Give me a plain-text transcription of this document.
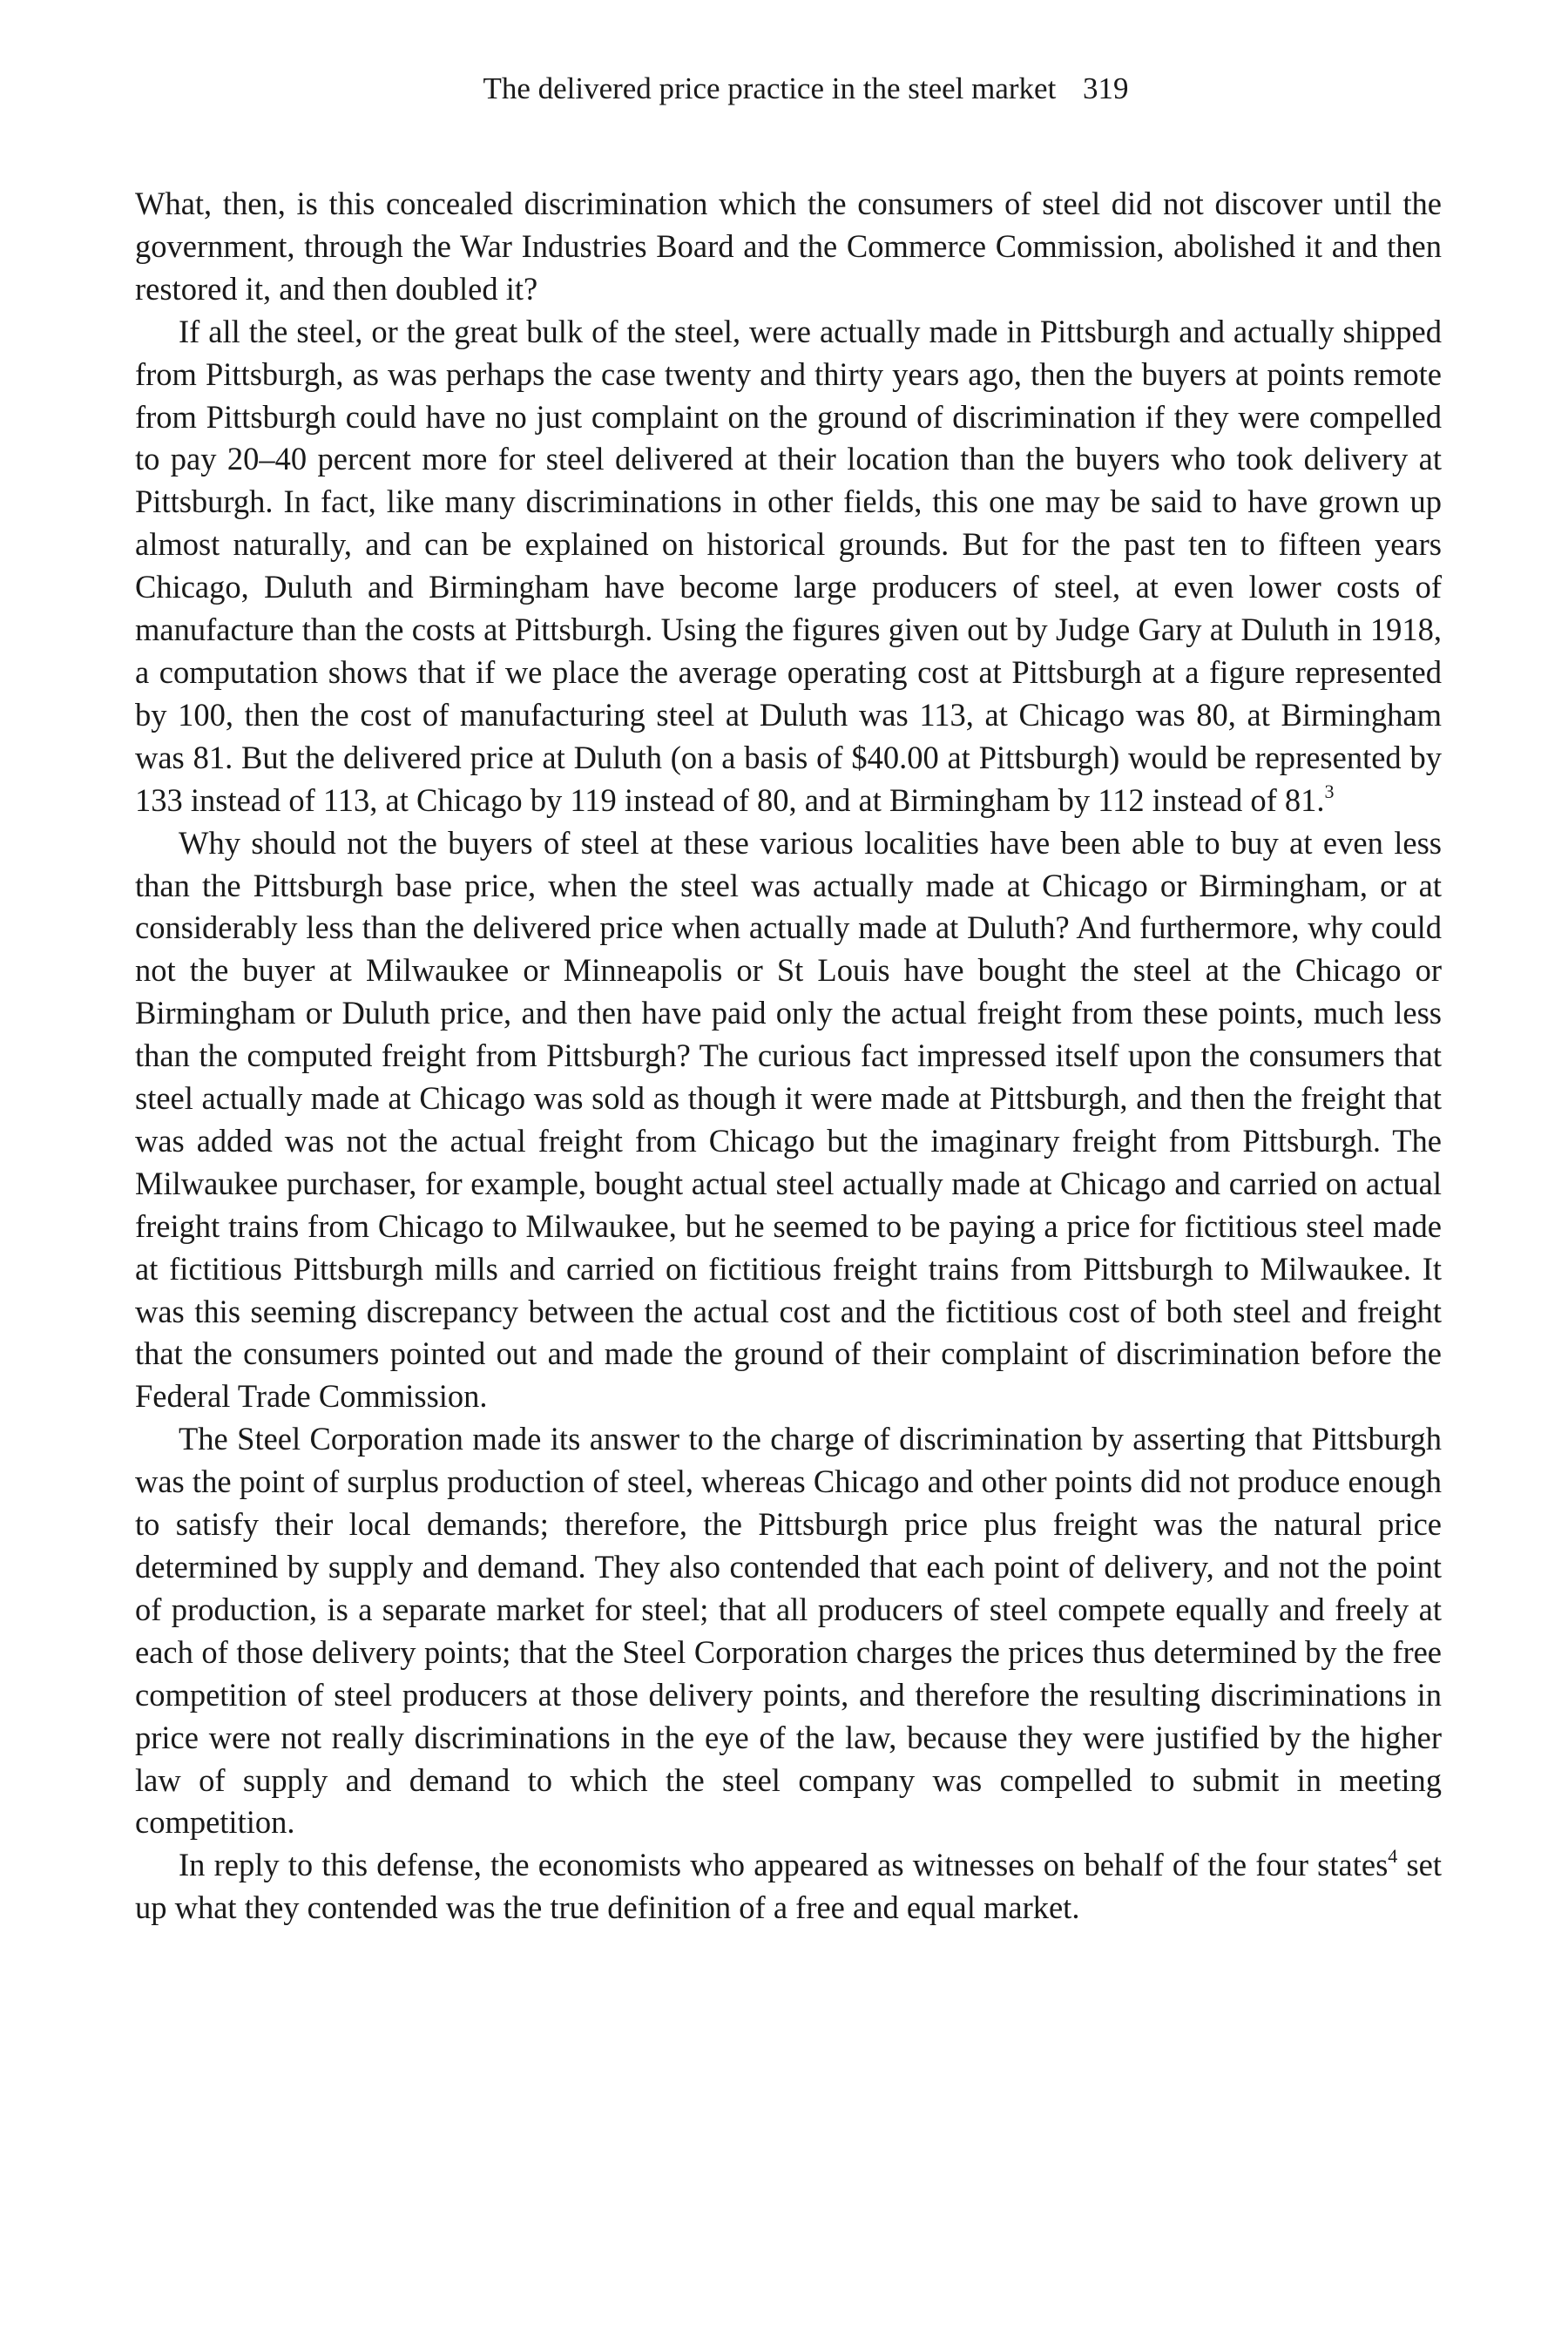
The delivered price practice in the steel market 319

What, then, is this concealed discrimination which the consumers of steel did not discover until the government, through the War Industries Board and the Commerce Commission, abolished it and then restored it, and then doubled it?

If all the steel, or the great bulk of the steel, were actually made in Pittsburgh and actually shipped from Pittsburgh, as was perhaps the case twenty and thirty years ago, then the buyers at points remote from Pittsburgh could have no just complaint on the ground of discrimination if they were compelled to pay 20–40 percent more for steel delivered at their location than the buyers who took delivery at Pittsburgh. In fact, like many discriminations in other fields, this one may be said to have grown up almost naturally, and can be explained on historical grounds. But for the past ten to fifteen years Chicago, Duluth and Birmingham have become large producers of steel, at even lower costs of manufacture than the costs at Pittsburgh. Using the figures given out by Judge Gary at Duluth in 1918, a computation shows that if we place the average operating cost at Pittsburgh at a figure represented by 100, then the cost of manufacturing steel at Duluth was 113, at Chicago was 80, at Birmingham was 81. But the delivered price at Duluth (on a basis of $40.00 at Pittsburgh) would be represented by 133 instead of 113, at Chicago by 119 instead of 80, and at Birmingham by 112 instead of 81.$^3$

Why should not the buyers of steel at these various localities have been able to buy at even less than the Pittsburgh base price, when the steel was actually made at Chicago or Birmingham, or at considerably less than the delivered price when actually made at Duluth? And furthermore, why could not the buyer at Milwaukee or Minneapolis or St Louis have bought the steel at the Chicago or Birmingham or Duluth price, and then have paid only the actual freight from these points, much less than the computed freight from Pittsburgh? The curious fact impressed itself upon the consumers that steel actually made at Chicago was sold as though it were made at Pittsburgh, and then the freight that was added was not the actual freight from Chicago but the imaginary freight from Pittsburgh. The Milwaukee purchaser, for example, bought actual steel actually made at Chicago and carried on actual freight trains from Chicago to Milwaukee, but he seemed to be paying a price for fictitious steel made at fictitious Pittsburgh mills and carried on fictitious freight trains from Pittsburgh to Milwaukee. It was this seeming discrepancy between the actual cost and the fictitious cost of both steel and freight that the consumers pointed out and made the ground of their complaint of discrimination before the Federal Trade Commission.

The Steel Corporation made its answer to the charge of discrimination by asserting that Pittsburgh was the point of surplus production of steel, whereas Chicago and other points did not produce enough to satisfy their local demands; therefore, the Pittsburgh price plus freight was the natural price determined by supply and demand. They also contended that each point of delivery, and not the point of production, is a separate market for steel; that all producers of steel compete equally and freely at each of those delivery points; that the Steel Corporation charges the prices thus determined by the free competition of steel producers at those delivery points, and therefore the resulting discriminations in price were not really discriminations in the eye of the law, because they were justified by the higher law of supply and demand to which the steel company was compelled to submit in meeting competition.

In reply to this defense, the economists who appeared as witnesses on behalf of the four states$^4$ set up what they contended was the true definition of a free and equal market.
